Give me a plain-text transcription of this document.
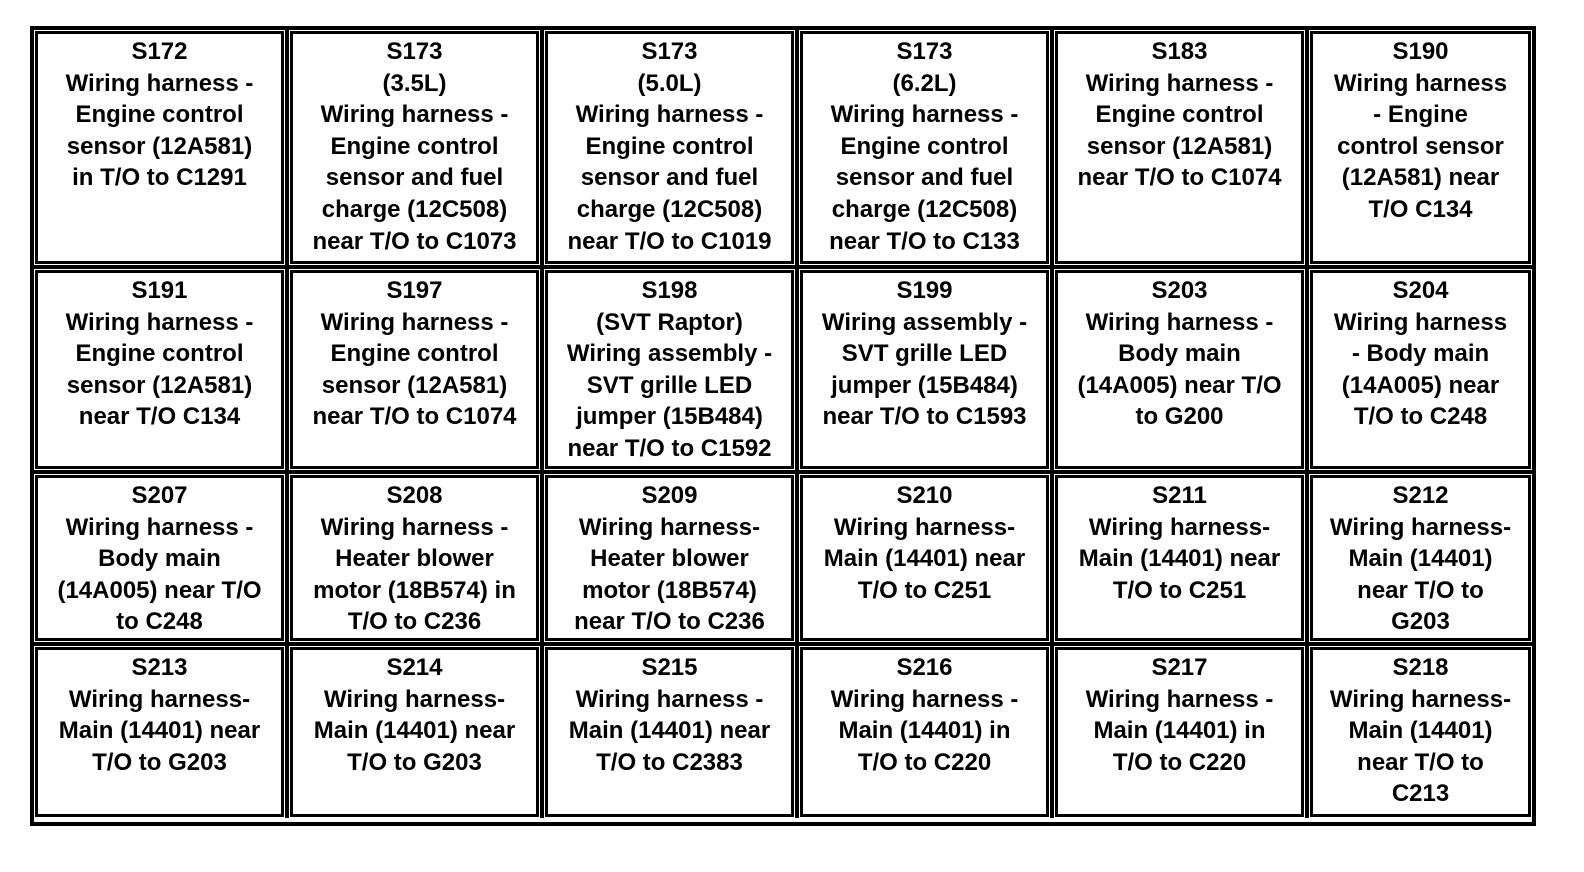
S172
Wiring harness -
Engine control
sensor (12A581)
in T/O to C1291

S173
(3.5L)
Wiring harness -
Engine control
sensor and fuel
charge (12C508)
near T/O to C1073

S173
(5.0L)
Wiring harness -
Engine control
sensor and fuel
charge (12C508)
near T/O to C1019

S173
(6.2L)
Wiring harness -
Engine control
sensor and fuel
charge (12C508)
near T/O to C133

S183
Wiring harness -
Engine control
sensor (12A581)
near T/O to C1074

S190
Wiring harness
- Engine
control sensor
(12A581) near
T/O C134

S191
Wiring harness -
Engine control
sensor (12A581)
near T/O C134

S197
Wiring harness -
Engine control
sensor (12A581)
near T/O to C1074

S198
(SVT Raptor)
Wiring assembly -
SVT grille LED
jumper (15B484)
near T/O to C1592

S199
Wiring assembly -
SVT grille LED
jumper (15B484)
near T/O to C1593

S203
Wiring harness -
Body main
(14A005) near T/O
to G200

S204
Wiring harness
- Body main
(14A005) near
T/O to C248

S207
Wiring harness -
Body main
(14A005) near T/O
to C248

S208
Wiring harness -
Heater blower
motor (18B574) in
T/O to C236

S209
Wiring harness-
Heater blower
motor (18B574)
near T/O to C236

S210
Wiring harness-
Main (14401) near
T/O to C251

S211
Wiring harness-
Main (14401) near
T/O to C251

S212
Wiring harness-
Main (14401)
near T/O to
G203

S213
Wiring harness-
Main (14401) near
T/O to G203

S214
Wiring harness-
Main (14401) near
T/O to G203

S215
Wiring harness -
Main (14401) near
T/O to C2383

S216
Wiring harness -
Main (14401) in
T/O to C220

S217
Wiring harness -
Main (14401) in
T/O to C220

S218
Wiring harness-
Main (14401)
near T/O to
C213
